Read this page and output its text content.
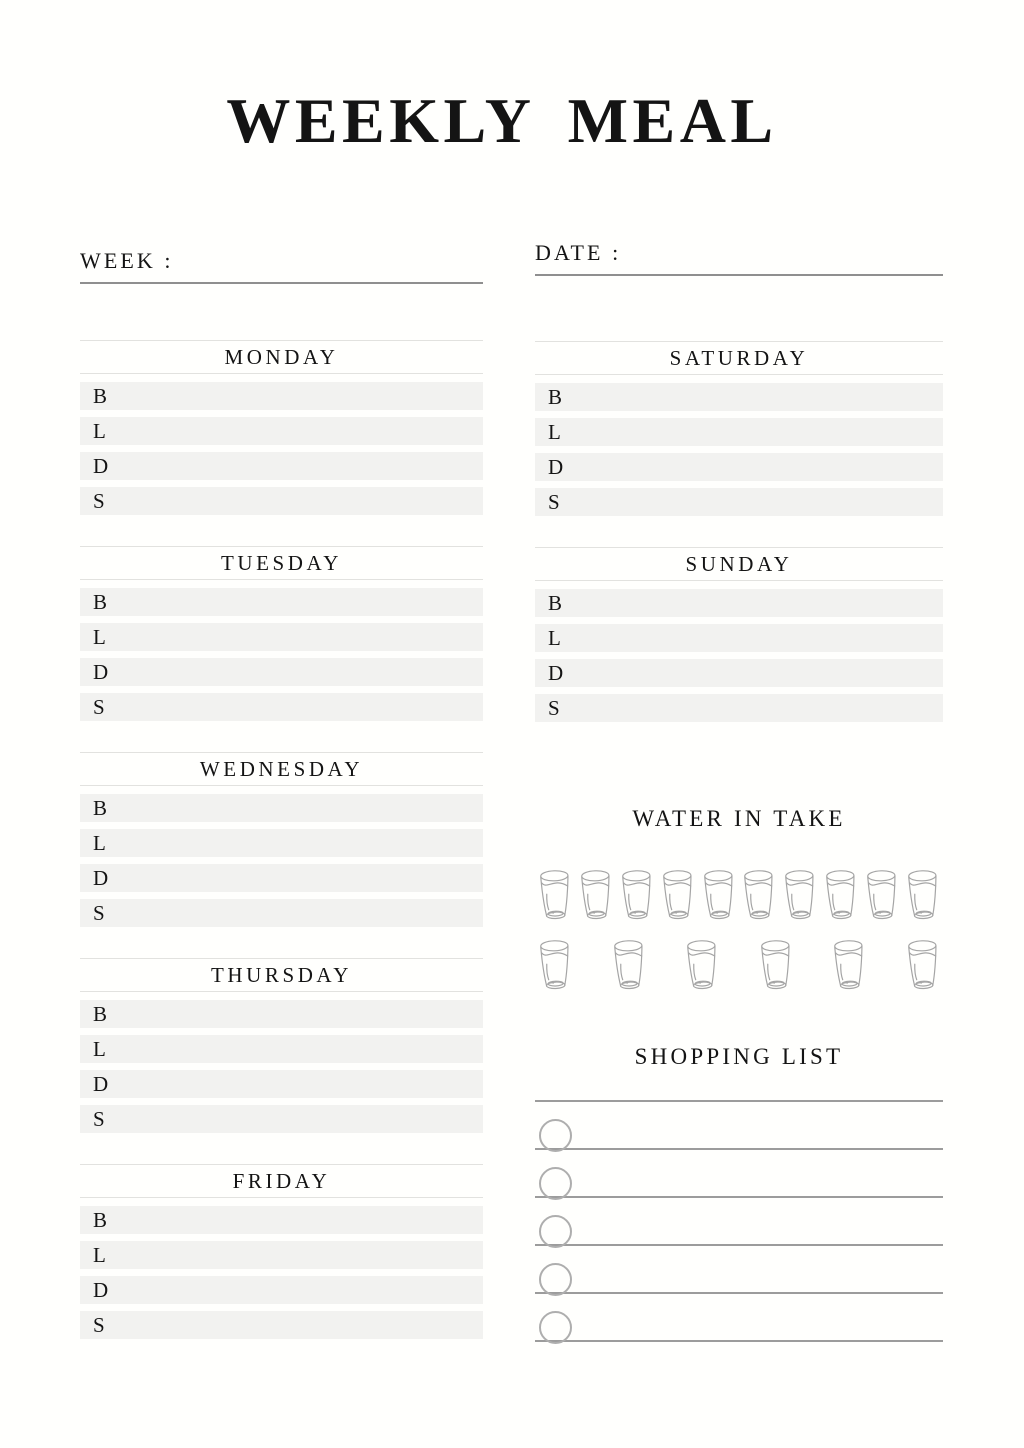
WEEKLY MEAL
WEEK :
MONDAY
B
L
D
S
TUESDAY
B
L
D
S
WEDNESDAY
B
L
D
S
THURSDAY
B
L
D
S
FRIDAY
B
L
D
S
DATE :
SATURDAY
B
L
D
S
SUNDAY
B
L
D
S
WATER IN TAKE
SHOPPING LIST
